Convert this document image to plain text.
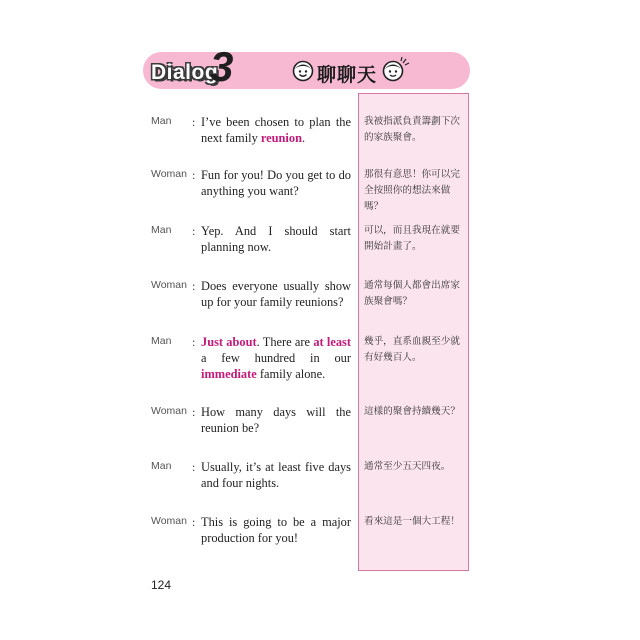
Dialog
3	聊聊天
Man : I’ve been chosen to plan the next family reunion.
我被指派負責籌劃下次的家族聚會。
Woman : Fun for you! Do you get to do anything you want?
那很有意思！你可以完全按照你的想法來做嗎？
Man : Yep. And I should start planning now.
可以，而且我現在就要開始計畫了。
Woman : Does everyone usually show up for your family reunions?
通常每個人都會出席家族聚會嗎？
Man : Just about. There are at least a few hundred in our immediate family alone.
幾乎，直系血親至少就有好幾百人。
Woman : How many days will the reunion be?
這樣的聚會持續幾天？
Man : Usually, it’s at least five days and four nights.
通常至少五天四夜。
Woman : This is going to be a major production for you!
看來這是一個大工程！
124
